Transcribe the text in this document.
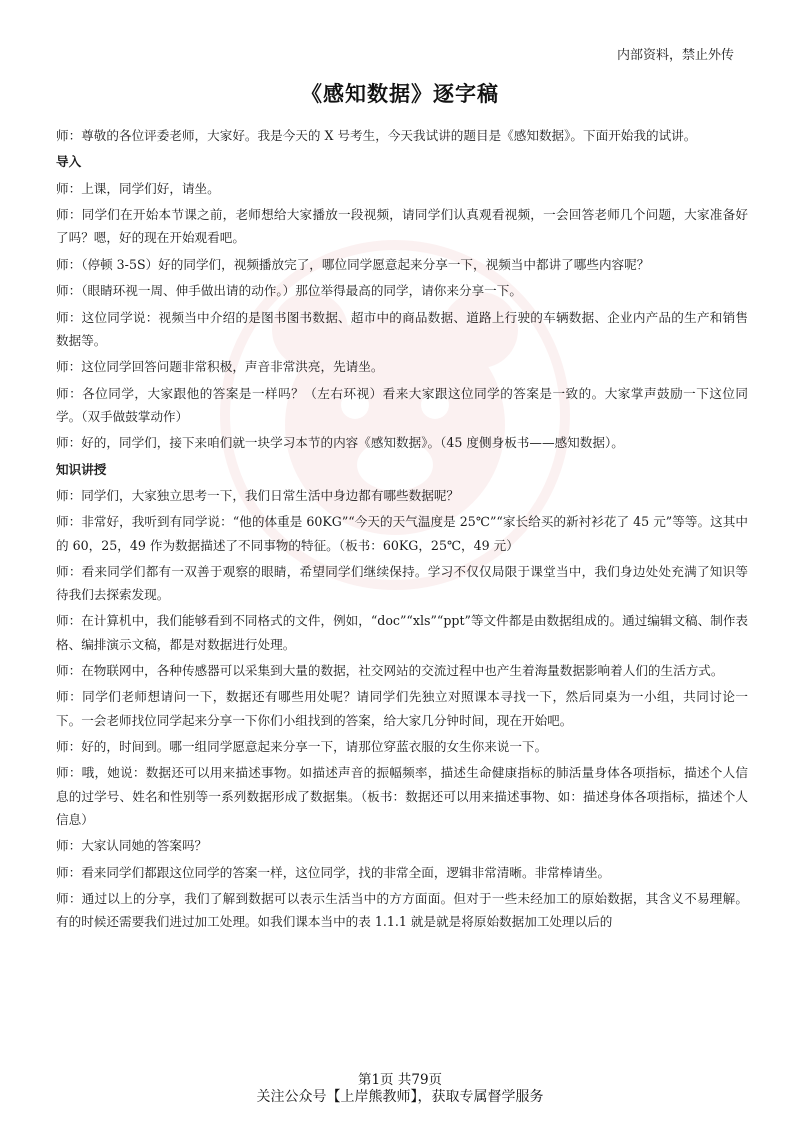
内部资料，禁止外传
《感知数据》逐字稿

师：尊敬的各位评委老师，大家好。我是今天的 X 号考生，今天我试讲的题目是《感知数据》。下面开始我的试讲。

导入

师：上课，同学们好，请坐。

师：同学们在开始本节课之前，老师想给大家播放一段视频，请同学们认真观看视频，一会回答老师几个问题，大家准备好了吗？嗯，好的现在开始观看吧。

师：（停顿 3-5S）好的同学们，视频播放完了，哪位同学愿意起来分享一下，视频当中都讲了哪些内容呢？

师：（眼睛环视一周、伸手做出请的动作。）那位举得最高的同学，请你来分享一下。

师：这位同学说：视频当中介绍的是图书图书数据、超市中的商品数据、道路上行驶的车辆数据、企业内产品的生产和销售数据等。

师：这位同学回答问题非常积极，声音非常洪亮，先请坐。

师：各位同学，大家跟他的答案是一样吗？（左右环视）看来大家跟这位同学的答案是一致的。大家掌声鼓励一下这位同学。（双手做鼓掌动作）

师：好的，同学们，接下来咱们就一块学习本节的内容《感知数据》。（45 度侧身板书——感知数据）。

知识讲授

师：同学们，大家独立思考一下，我们日常生活中身边都有哪些数据呢？

师：非常好，我听到有同学说：“他的体重是 60KG”“今天的天气温度是 25℃”“家长给买的新衬衫花了 45 元”等等。这其中的 60，25，49 作为数据描述了不同事物的特征。（板书：60KG，25℃，49 元）

师：看来同学们都有一双善于观察的眼睛，希望同学们继续保持。学习不仅仅局限于课堂当中，我们身边处处充满了知识等待我们去探索发现。

师：在计算机中，我们能够看到不同格式的文件，例如，“doc”“xls”“ppt”等文件都是由数据组成的。通过编辑文稿、制作表格、编排演示文稿，都是对数据进行处理。

师：在物联网中，各种传感器可以采集到大量的数据，社交网站的交流过程中也产生着海量数据影响着人们的生活方式。

师：同学们老师想请问一下，数据还有哪些用处呢？请同学们先独立对照课本寻找一下，然后同桌为一小组，共同讨论一下。一会老师找位同学起来分享一下你们小组找到的答案，给大家几分钟时间，现在开始吧。

师：好的，时间到。哪一组同学愿意起来分享一下，请那位穿蓝衣服的女生你来说一下。

师：哦，她说：数据还可以用来描述事物。如描述声音的振幅频率，描述生命健康指标的肺活量身体各项指标，描述个人信息的过学号、姓名和性别等一系列数据形成了数据集。（板书：数据还可以用来描述事物、如：描述身体各项指标，描述个人信息）

师：大家认同她的答案吗？

师：看来同学们都跟这位同学的答案一样，这位同学，找的非常全面，逻辑非常清晰。非常棒请坐。

师：通过以上的分享，我们了解到数据可以表示生活当中的方方面面。但对于一些未经加工的原始数据，其含义不易理解。有的时候还需要我们进过加工处理。如我们课本当中的表 1.1.1 就是就是将原始数据加工处理以后的

第1页 共79页
关注公众号【上岸熊教师】，获取专属督学服务
